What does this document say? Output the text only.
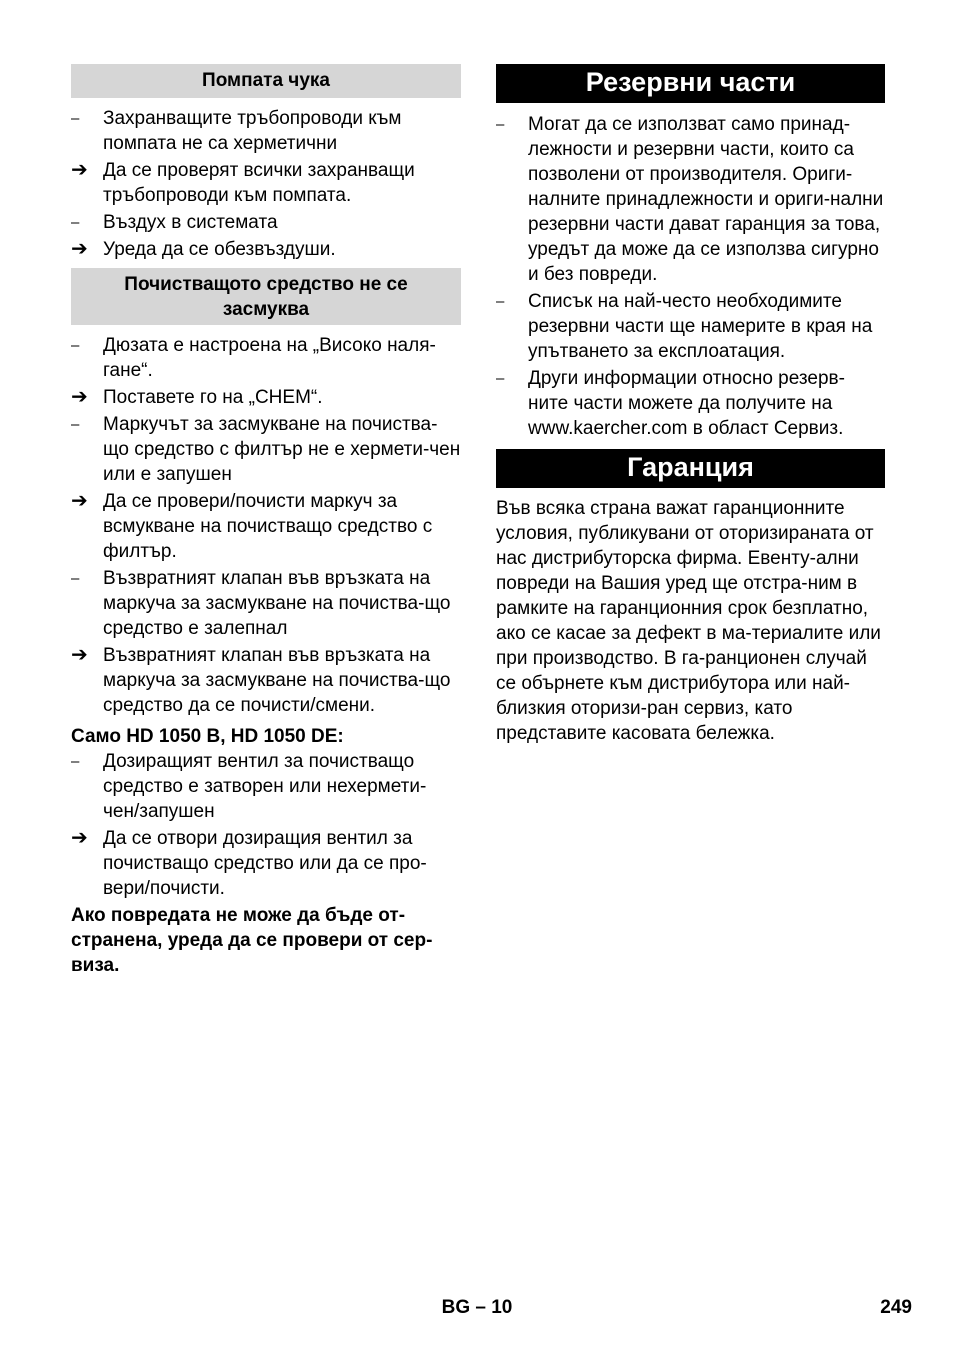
Помпата чука
–	Захранващите тръбопроводи към помпата не са херметични
➔ Да се проверят всички захранващи тръбопроводи към помпата.
–	Въздух в системата
➔ Уреда да се обезвъздуши.
Почистващото средство не се засмуква
–	Дюзата е настроена на „Високо наля-гане“.
➔ Поставете го на „CHEM“.
–	Маркучът за засмукване на почиства-що средство с филтър не е хермети-чен или е запушен
➔ Да се провери/почисти маркуч за всмукване на почистващо средство с филтър.
–	Възвратният клапан във връзката на маркуча за засмукване на почиства-що средство е залепнал
➔ Възвратният клапан във връзката на маркуча за засмукване на почиства-що средство да се почисти/смени.
Само HD 1050 B, HD 1050 DE:
–	Дозиращият вентил за почистващо средство е затворен или нехермети-чен/запушен
➔ Да се отвори дозиращия вентил за почистващо средство или да се про-вери/почисти.
Ако повредата не може да бъде от-странена, уреда да се провери от сер-виза.
Резервни части
–	Могат да се използват само принад-лежности и резервни части, които са позволени от производителя. Ориги-налните принадлежности и ориги-нални резервни части дават гаранция за това, уредът да може да се използва сигурно и без повреди.
–	Списък на най-често необходимите резервни части ще намерите в края на упътването за експлоатация.
–	Други информации относно резерв-ните части можете да получите на www.kaercher.com в област Сервиз.
Гаранция
Във всяка страна важат гаранционните условия, публикувани от оторизираната от нас дистрибуторска фирма. Евенту-ални повреди на Вашия уред ще отстра-ним в рамките на гаранционния срок безплатно, ако се касае за дефект в ма-териалите или при производство. В га-ранционен случай се обърнете към дистрибутора или най-близкия оторизи-ран сервиз, като представите касовата бележка.
BG – 10	249
